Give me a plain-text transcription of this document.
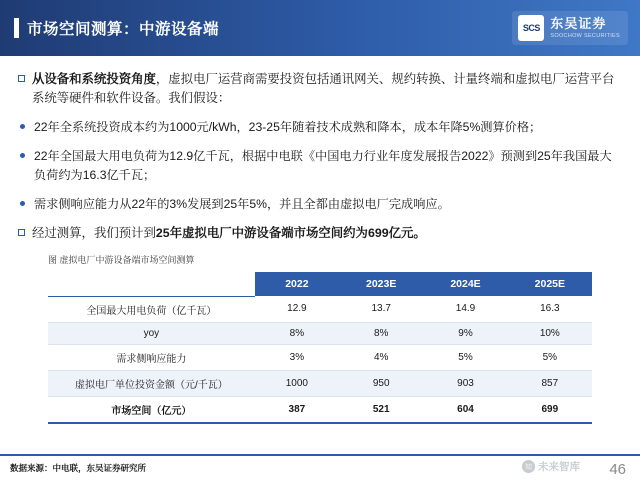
市场空间测算：中游设备端	SCS 东吴证券
SOOCHOW SECURITIES
从设备和系统投资角度，虚拟电厂运营商需要投资包括通讯网关、规约转换、计量终端和虚拟电厂运营平台系统等硬件和软件设备。我们假设：
22年全系统投资成本约为1000元/kWh，23-25年随着技术成熟和降本，成本年降5%测算价格；
22年全国最大用电负荷为12.9亿千瓦，根据中电联《中国电力行业年度发展报告2022》预测到25年我国最大负荷约为16.3亿千瓦；
需求侧响应能力从22年的3%发展到25年5%，并且全都由虚拟电厂完成响应。
经过测算，我们预计到25年虚拟电厂中游设备端市场空间约为699亿元。
图 虚拟电厂中游设备端市场空间测算
	2022	2023E	2024E	2025E
全国最大用电负荷（亿千瓦）	12.9	13.7	14.9	16.3
yoy	8%	8%	9%	10%
需求侧响应能力	3%	4%	5%	5%
虚拟电厂单位投资金额（元/千瓦）	1000	950	903	857
市场空间（亿元）	387	521	604	699
数据来源：中电联，东吴证券研究所	知 未来智库 46
